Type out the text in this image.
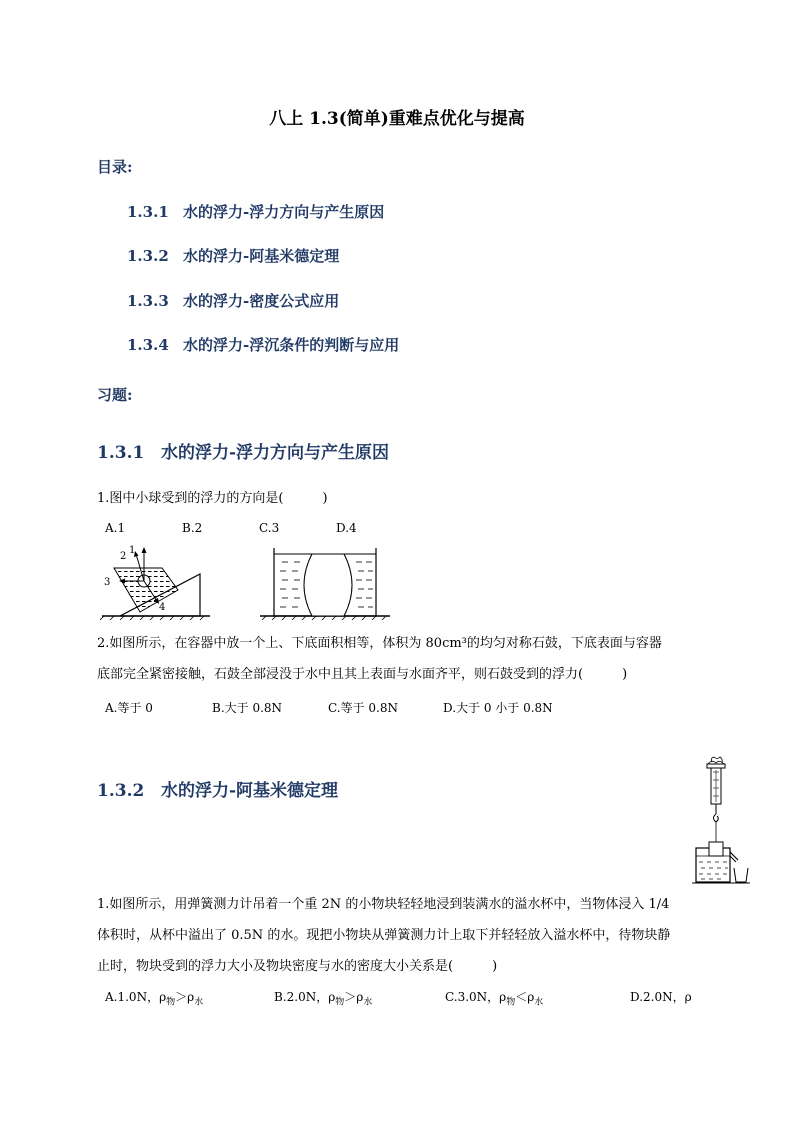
八上 1.3(简单)重难点优化与提高
目录:
1.3.1 水的浮力-浮力方向与产生原因
1.3.2 水的浮力-阿基米德定理
1.3.3 水的浮力-密度公式应用
1.3.4 水的浮力-浮沉条件的判断与应用
习题:
1.3.1 水的浮力-浮力方向与产生原因
1.图中小球受到的浮力的方向是(　　　)
A.1	B.2	C.3	D.4
2
1
3
4
2.如图所示，在容器中放一个上、下底面积相等，体积为 80cm³的均匀对称石鼓，下底表面与容器
底部完全紧密接触，石鼓全部浸没于水中且其上表面与水面齐平，则石鼓受到的浮力(　　　)
A.等于 0	B.大于 0.8N	C.等于 0.8N	D.大于 0 小于 0.8N
1.3.2 水的浮力-阿基米德定理
1.如图所示，用弹簧测力计吊着一个重 2N 的小物块轻轻地浸到装满水的溢水杯中，当物体浸入 1/4
体积时，从杯中溢出了 0.5N 的水。现把小物块从弹簧测力计上取下并轻轻放入溢水杯中，待物块静
止时，物块受到的浮力大小及物块密度与水的密度大小关系是(　　　)
A.1.0N，$\rho_物>\rho_水$	B.2.0N，$\rho_物>\rho_水$	C.3.0N，$\rho_物<\rho_水$	D.2.0N，ρ
